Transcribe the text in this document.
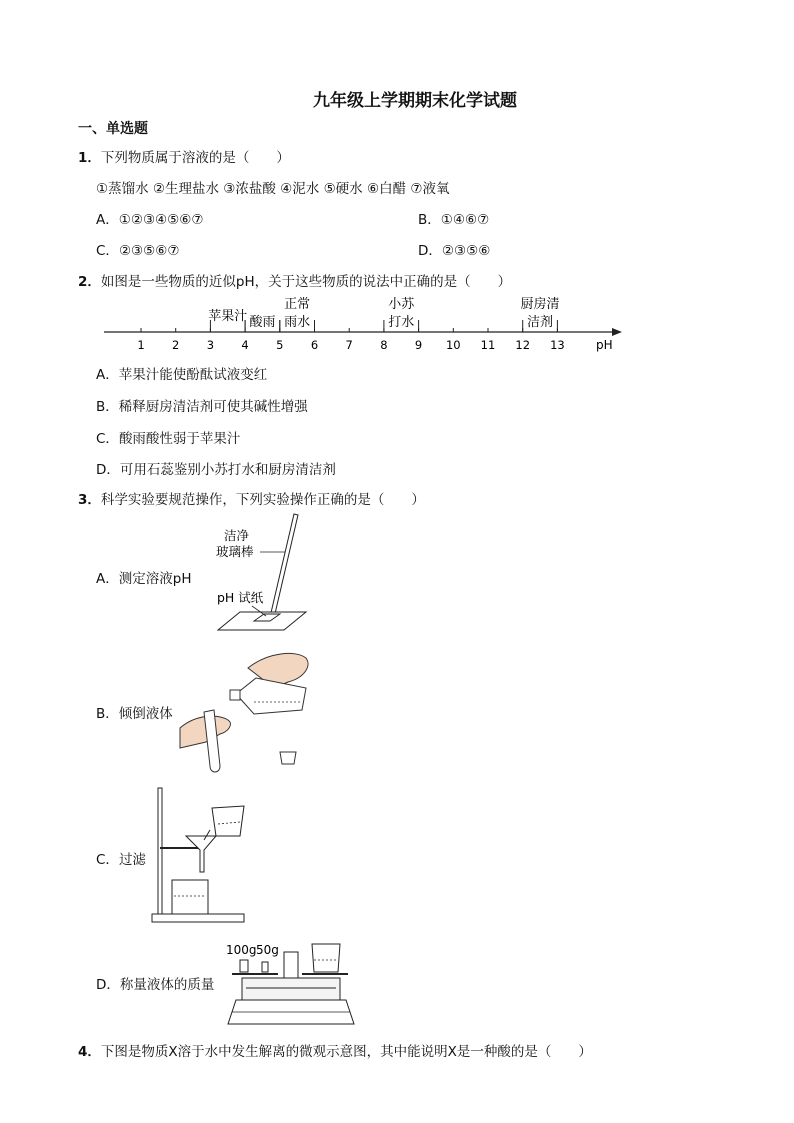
九年级上学期期末化学试题
一、单选题
1．下列物质属于溶液的是（　　）
①蒸馏水 ②生理盐水 ③浓盐酸 ④泥水 ⑤硬水 ⑥白醋 ⑦液氧
A．①②③④⑤⑥⑦	B．①④⑥⑦
C．②③⑤⑥⑦	D．②③⑤⑥
2．如图是一些物质的近似pH，关于这些物质的说法中正确的是（　　）
pH
1 2 3 4 5 6 7 8 9 10 11 12 13
苹果汁 酸雨
正常
雨水
小苏
打水
厨房清
洁剂
A．苹果汁能使酚酞试液变红
B．稀释厨房清洁剂可使其碱性增强
C．酸雨酸性弱于苹果汁
D．可用石蕊鉴别小苏打水和厨房清洁剂
3．科学实验要规范操作，下列实验操作正确的是（　　）
A．测定溶液pH
洁净
玻璃棒
pH 试纸
B．倾倒液体
C．过滤
D．称量液体的质量
100g 50g
4．下图是物质X溶于水中发生解离的微观示意图，其中能说明X是一种酸的是（　　）
